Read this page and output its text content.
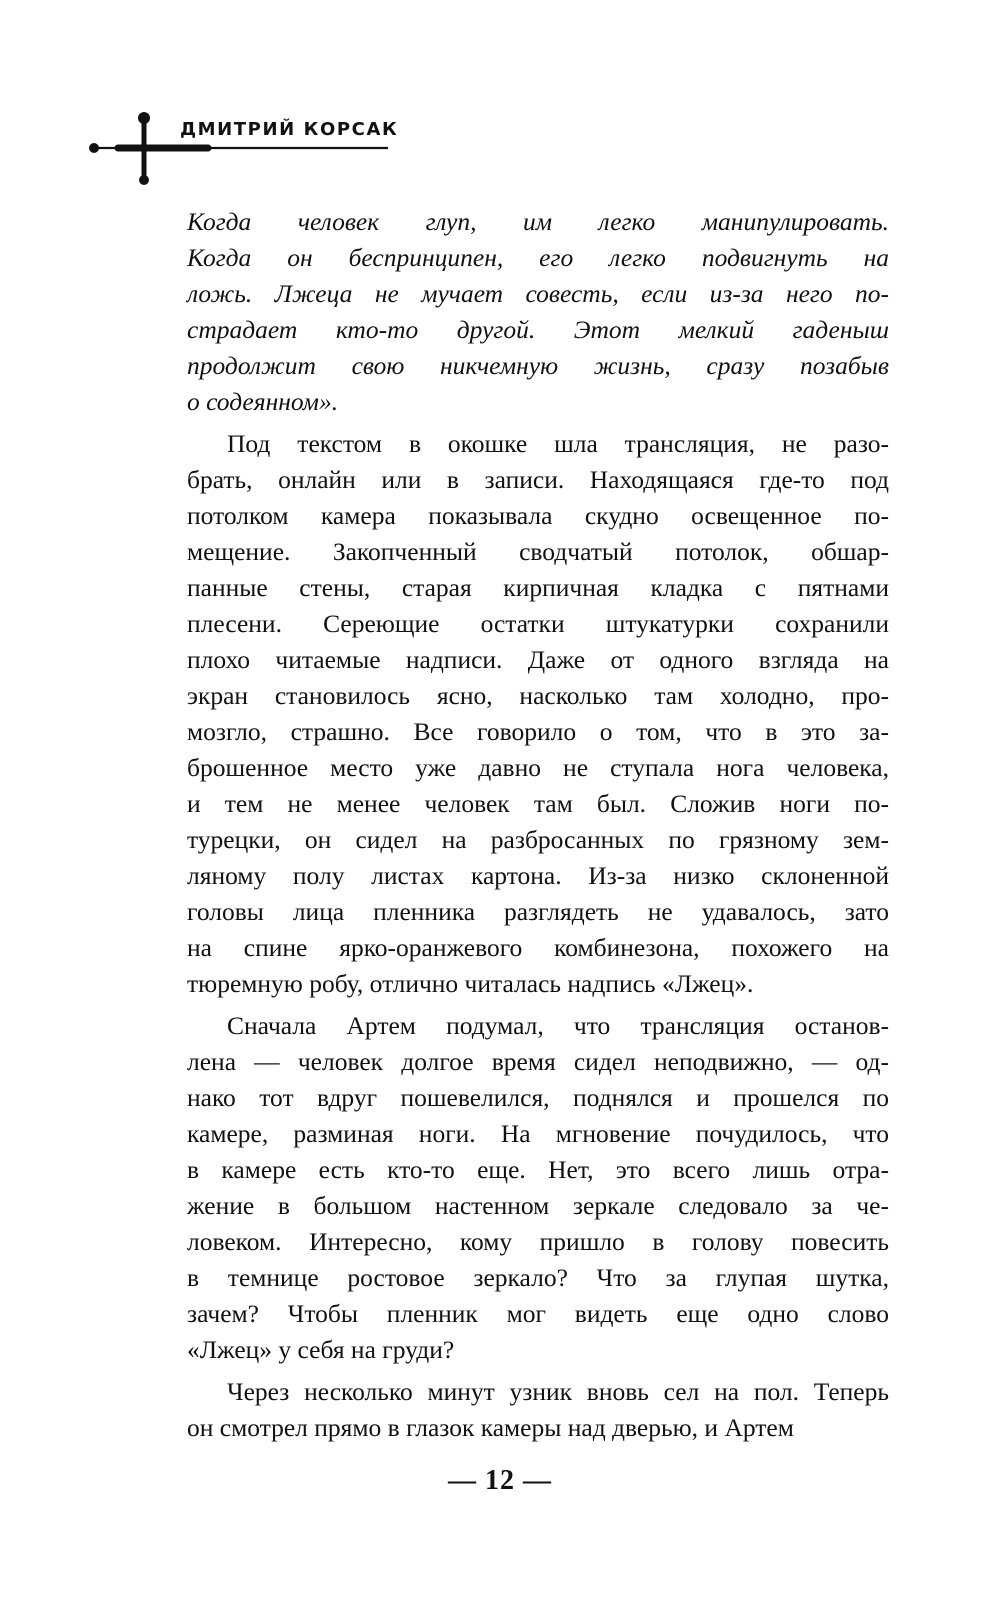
ДМИТРИЙ КОРСАК
Когда человек глуп, им легко манипулировать.
Когда он беспринципен, его легко подвигнуть на
ложь. Лжеца не мучает совесть, если из-за него по-
страдает кто-то другой. Этот мелкий гаденыш
продолжит свою никчемную жизнь, сразу позабыв
о содеянном».
Под текстом в окошке шла трансляция, не разо-
брать, онлайн или в записи. Находящаяся где-то под
потолком камера показывала скудно освещенное по-
мещение. Закопченный сводчатый потолок, обшар-
панные стены, старая кирпичная кладка с пятнами
плесени. Сереющие остатки штукатурки сохранили
плохо читаемые надписи. Даже от одного взгляда на
экран становилось ясно, насколько там холодно, про-
мозгло, страшно. Все говорило о том, что в это за-
брошенное место уже давно не ступала нога человека,
и тем не менее человек там был. Сложив ноги по-
турецки, он сидел на разбросанных по грязному зем-
ляному полу листах картона. Из-за низко склоненной
головы лица пленника разглядеть не удавалось, зато
на спине ярко-оранжевого комбинезона, похожего на
тюремную робу, отлично читалась надпись «Лжец».
Сначала Артем подумал, что трансляция останов-
лена — человек долгое время сидел неподвижно, — од-
нако тот вдруг пошевелился, поднялся и прошелся по
камере, разминая ноги. На мгновение почудилось, что
в камере есть кто-то еще. Нет, это всего лишь отра-
жение в большом настенном зеркале следовало за че-
ловеком. Интересно, кому пришло в голову повесить
в темнице ростовое зеркало? Что за глупая шутка,
зачем? Чтобы пленник мог видеть еще одно слово
«Лжец» у себя на груди?
Через несколько минут узник вновь сел на пол. Теперь
он смотрел прямо в глазок камеры над дверью, и Артем
— 12 —
